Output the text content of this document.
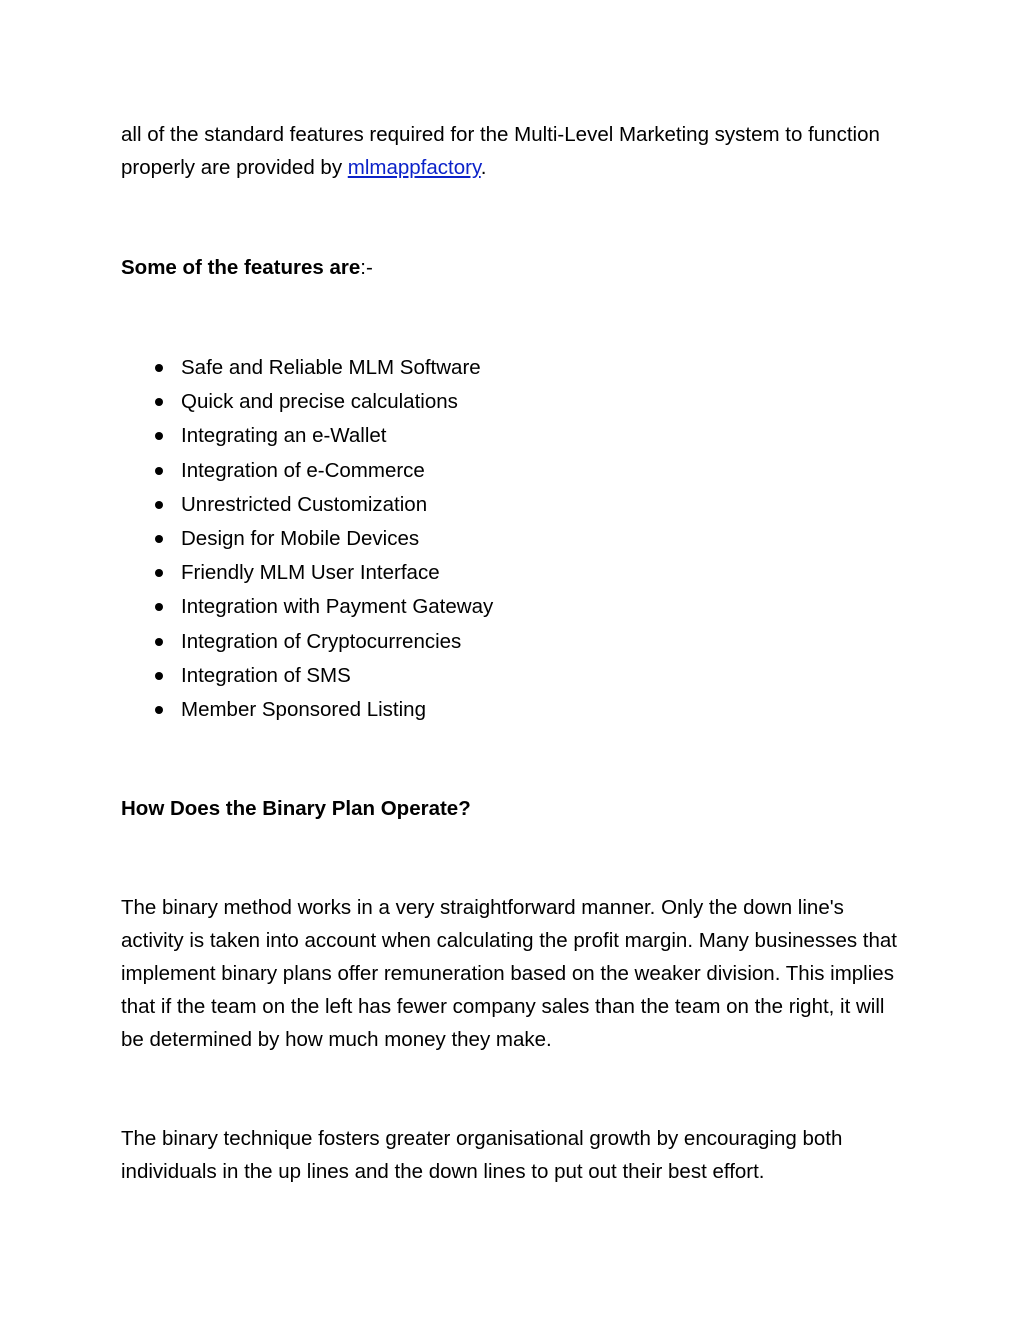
all of the standard features required for the Multi-Level Marketing system to function properly are provided by mlmappfactory.

Some of the features are:-

Safe and Reliable MLM Software
Quick and precise calculations
Integrating an e-Wallet
Integration of e-Commerce
Unrestricted Customization
Design for Mobile Devices
Friendly MLM User Interface
Integration with Payment Gateway
Integration of Cryptocurrencies
Integration of SMS
Member Sponsored Listing

How Does the Binary Plan Operate?

The binary method works in a very straightforward manner. Only the down line's activity is taken into account when calculating the profit margin. Many businesses that implement binary plans offer remuneration based on the weaker division. This implies that if the team on the left has fewer company sales than the team on the right, it will be determined by how much money they make.

The binary technique fosters greater organisational growth by encouraging both individuals in the up lines and the down lines to put out their best effort.
